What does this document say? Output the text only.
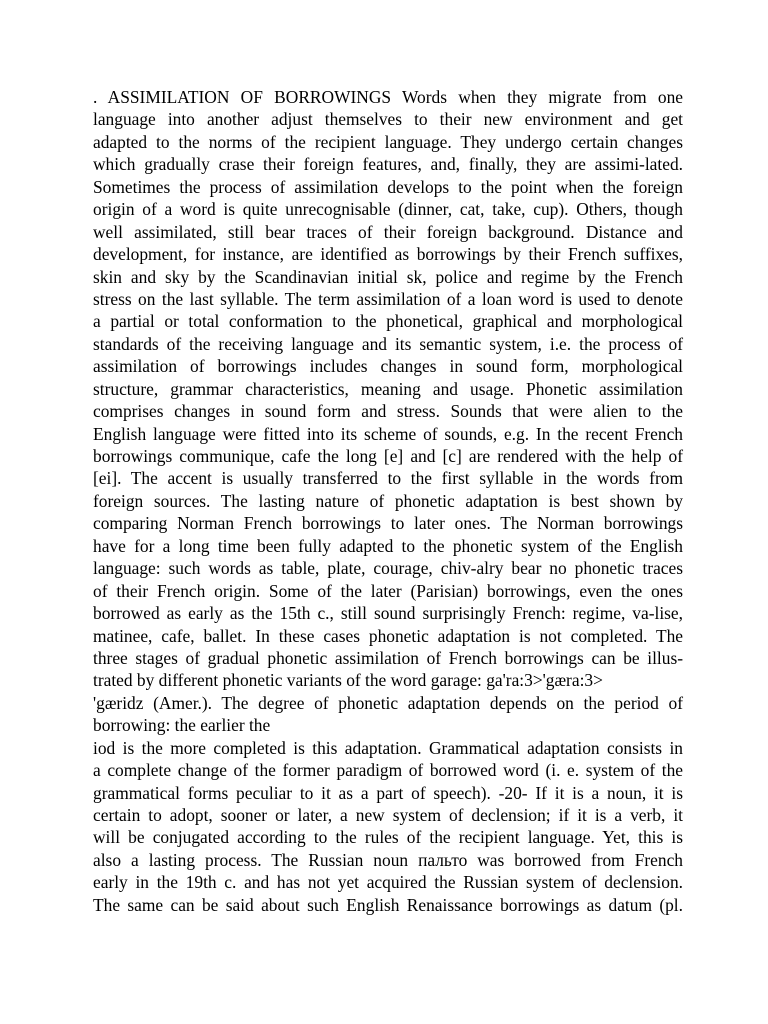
. ASSIMILATION OF BORROWINGS Words when they migrate from one
language into another adjust themselves to their new environment and get
adapted to the norms of the recipient language. They undergo certain changes
which gradually crase their foreign features, and, finally, they are assimi-lated.
Sometimes the process of assimilation develops to the point when the foreign
origin of a word is quite unrecognisable (dinner, cat, take, cup). Others, though
well assimilated, still bear traces of their foreign background. Distance and
development, for instance, are identified as borrowings by their French suffixes,
skin and sky by the Scandinavian initial sk, police and regime by the French
stress on the last syllable. The term assimilation of a loan word is used to denote
a partial or total conformation to the phonetical, graphical and morphological
standards of the receiving language and its semantic system, i.e. the process of
assimilation of borrowings includes changes in sound form, morphological
structure, grammar characteristics, meaning and usage. Phonetic assimilation
comprises changes in sound form and stress. Sounds that were alien to the
English language were fitted into its scheme of sounds, e.g. In the recent French
borrowings communique, cafe the long [e] and [c] are rendered with the help of
[ei]. The accent is usually transferred to the first syllable in the words from
foreign sources. The lasting nature of phonetic adaptation is best shown by
comparing Norman French borrowings to later ones. The Norman borrowings
have for a long time been fully adapted to the phonetic system of the English
language: such words as table, plate, courage, chiv-alry bear no phonetic traces
of their French origin. Some of the later (Parisian) borrowings, even the ones
borrowed as early as the 15th c., still sound surprisingly French: regime, va-lise,
matinee, cafe, ballet. In these cases phonetic adaptation is not completed. The
three stages of gradual phonetic assimilation of French borrowings can be illus-
trated by different phonetic variants of the word garage: ga'ra:3>'gæra:3>
'gæridz (Amer.). The degree of phonetic adaptation depends on the period of
borrowing: the earlier the
iod is the more completed is this adaptation. Grammatical adaptation consists in
a complete change of the former paradigm of borrowed word (i. e. system of the
grammatical forms peculiar to it as a part of speech). -20- If it is a noun, it is
certain to adopt, sooner or later, a new system of declension; if it is a verb, it
will be conjugated according to the rules of the recipient language. Yet, this is
also a lasting process. The Russian noun пальто was borrowed from French
early in the 19th c. and has not yet acquired the Russian system of declension.
The same can be said about such English Renaissance borrowings as datum (pl.
